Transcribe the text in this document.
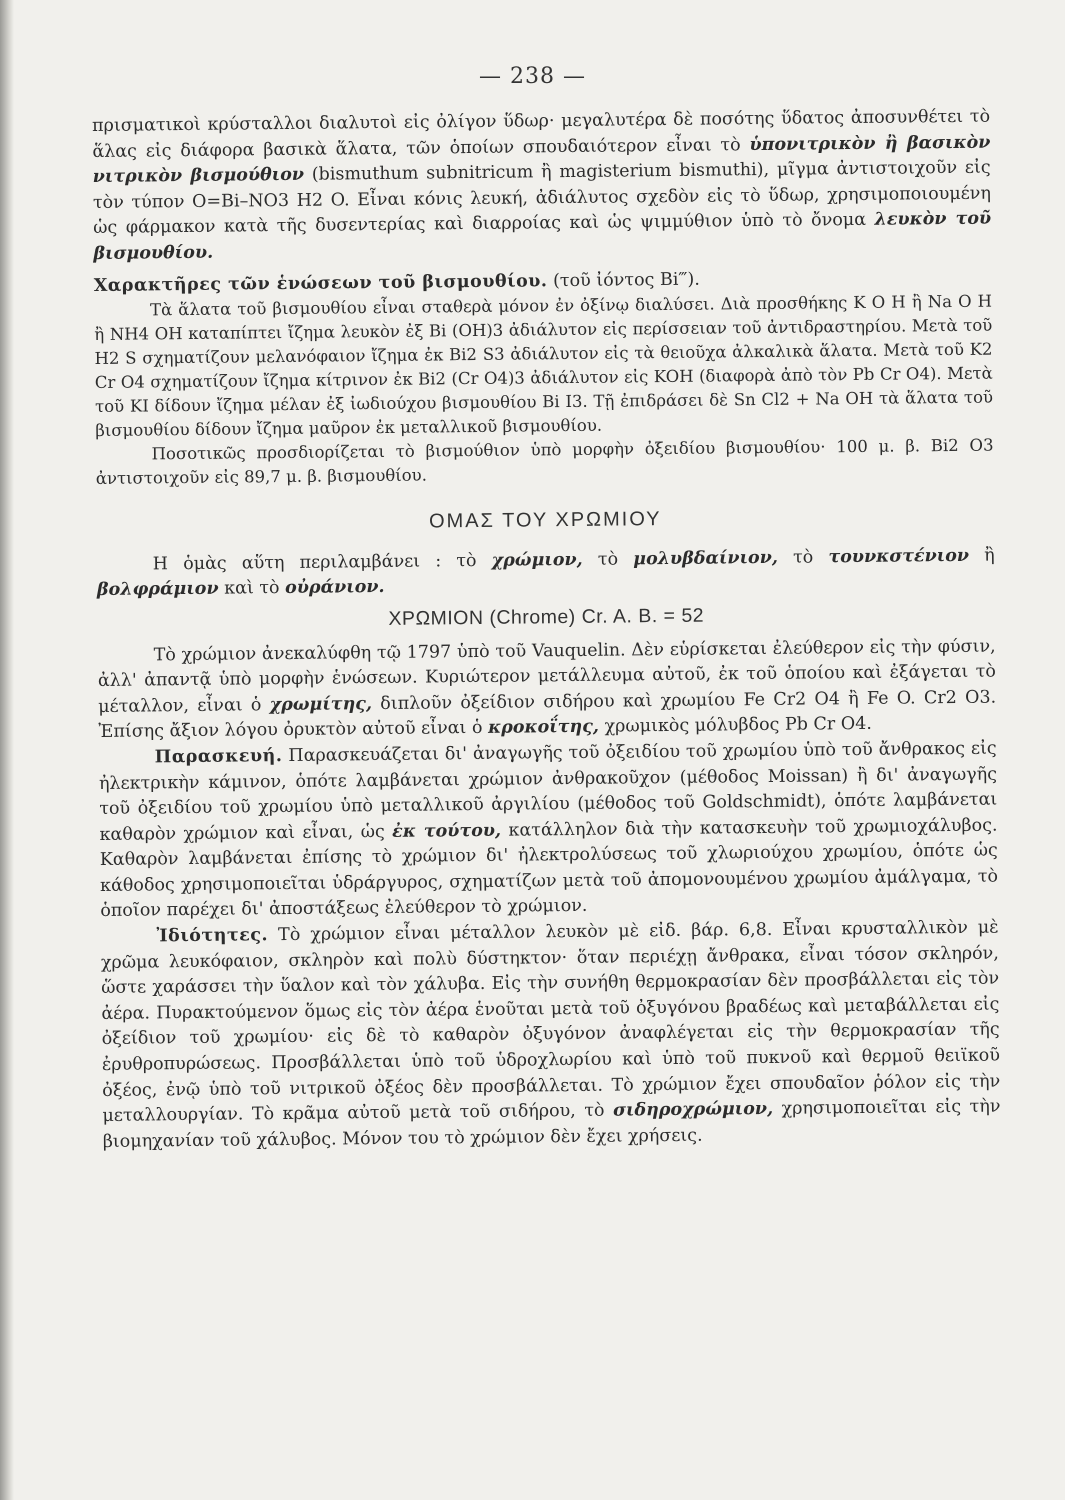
— 238 —

πρισματικοὶ κρύσταλλοι διαλυτοὶ εἰς ὀλίγον ὕδωρ· μεγαλυτέρα δὲ ποσότης ὕδατος ἀποσυνθέτει τὸ ἅλας εἰς διάφορα βασικὰ ἅλατα, τῶν ὁποίων σπουδαιότερον εἶναι τὸ ὑπονιτρικὸν ἢ βασικὸν νιτρικὸν βισμούθιον (bismuthum subnitricum ἢ magisterium bismuthi), μῖγμα ἀντιστοιχοῦν εἰς τὸν τύπον O=Bi–NO3 H2 O. Εἶναι κόνις λευκή, ἀδιάλυτος σχεδὸν εἰς τὸ ὕδωρ, χρησιμοποιουμένη ὡς φάρμακον κατὰ τῆς δυσεντερίας καὶ διαρροίας καὶ ὡς ψιμμύθιον ὑπὸ τὸ ὄνομα λευκὸν τοῦ βισμουθίου.

Χαρακτῆρες τῶν ἑνώσεων τοῦ βισμουθίου. (τοῦ ἰόντος Bi‴).

Τὰ ἅλατα τοῦ βισμουθίου εἶναι σταθερὰ μόνον ἐν ὀξίνῳ διαλύσει. Διὰ προσθήκης K O H ἢ Na O H ἢ NH4 OH καταπίπτει ἴζημα λευκὸν ἐξ Bi (OH)3 ἀδιάλυτον εἰς περίσσειαν τοῦ ἀντιδραστηρίου. Μετὰ τοῦ H2 S σχηματίζουν μελανόφαιον ἴζημα ἐκ Bi2 S3 ἀδιάλυτον εἰς τὰ θειοῦχα ἀλκαλικὰ ἅλατα. Μετὰ τοῦ K2 Cr O4 σχηματίζουν ἴζημα κίτρινον ἐκ Bi2 (Cr O4)3 ἀδιάλυτον εἰς KOH (διαφορὰ ἀπὸ τὸν Pb Cr O4). Μετὰ τοῦ KI δίδουν ἴζημα μέλαν ἐξ ἰωδιούχου βισμουθίου Bi I3. Τῇ ἐπιδράσει δὲ Sn Cl2 + Na OH τὰ ἅλατα τοῦ βισμουθίου δίδουν ἴζημα μαῦρον ἐκ μεταλλικοῦ βισμουθίου.

Ποσοτικῶς προσδιορίζεται τὸ βισμούθιον ὑπὸ μορφὴν ὀξειδίου βισμουθίου· 100 μ. β. Bi2 O3 ἀντιστοιχοῦν εἰς 89,7 μ. β. βισμουθίου.

ΟΜΑΣ ΤΟΥ ΧΡΩΜΙΟΥ

Η ὁμὰς αὕτη περιλαμβάνει : τὸ χρώμιον, τὸ μολυβδαίνιον, τὸ τουνκστένιον ἢ βολφράμιον καὶ τὸ οὐράνιον.

ΧΡΩΜΙΟΝ (Chrome) Cr. A. B. = 52

Τὸ χρώμιον ἀνεκαλύφθη τῷ 1797 ὑπὸ τοῦ Vauquelin. Δὲν εὑρίσκεται ἐλεύθερον εἰς τὴν φύσιν, ἀλλ' ἀπαντᾷ ὑπὸ μορφὴν ἑνώσεων. Κυριώτερον μετάλλευμα αὐτοῦ, ἐκ τοῦ ὁποίου καὶ ἐξάγεται τὸ μέταλλον, εἶναι ὁ χρωμίτης, διπλοῦν ὀξείδιον σιδήρου καὶ χρωμίου Fe Cr2 O4 ἢ Fe O. Cr2 O3. Ἐπίσης ἄξιον λόγου ὀρυκτὸν αὐτοῦ εἶναι ὁ κροκοΐτης, χρωμικὸς μόλυβδος Pb Cr O4.

Παρασκευή. Παρασκευάζεται δι' ἀναγωγῆς τοῦ ὀξειδίου τοῦ χρωμίου ὑπὸ τοῦ ἄνθρακος εἰς ἠλεκτρικὴν κάμινον, ὁπότε λαμβάνεται χρώμιον ἀνθρακοῦχον (μέθοδος Moissan) ἢ δι' ἀναγωγῆς τοῦ ὀξειδίου τοῦ χρωμίου ὑπὸ μεταλλικοῦ ἀργιλίου (μέθοδος τοῦ Goldschmidt), ὁπότε λαμβάνεται καθαρὸν χρώμιον καὶ εἶναι, ὡς ἐκ τούτου, κατάλληλον διὰ τὴν κατασκευὴν τοῦ χρωμιοχάλυβος. Καθαρὸν λαμβάνεται ἐπίσης τὸ χρώμιον δι' ἠλεκτρολύσεως τοῦ χλωριούχου χρωμίου, ὁπότε ὡς κάθοδος χρησιμοποιεῖται ὑδράργυρος, σχηματίζων μετὰ τοῦ ἀπομονουμένου χρωμίου ἀμάλγαμα, τὸ ὁποῖον παρέχει δι' ἀποστάξεως ἐλεύθερον τὸ χρώμιον.

Ἰδιότητες. Τὸ χρώμιον εἶναι μέταλλον λευκὸν μὲ εἰδ. βάρ. 6,8. Εἶναι κρυσταλλικὸν μὲ χρῶμα λευκόφαιον, σκληρὸν καὶ πολὺ δύστηκτον· ὅταν περιέχῃ ἄνθρακα, εἶναι τόσον σκληρόν, ὥστε χαράσσει τὴν ὕαλον καὶ τὸν χάλυβα. Εἰς τὴν συνήθη θερμοκρασίαν δὲν προσβάλλεται εἰς τὸν ἀέρα. Πυρακτούμενον ὅμως εἰς τὸν ἀέρα ἑνοῦται μετὰ τοῦ ὀξυγόνου βραδέως καὶ μεταβάλλεται εἰς ὀξείδιον τοῦ χρωμίου· εἰς δὲ τὸ καθαρὸν ὀξυγόνον ἀναφλέγεται εἰς τὴν θερμοκρασίαν τῆς ἐρυθροπυρώσεως. Προσβάλλεται ὑπὸ τοῦ ὑδροχλωρίου καὶ ὑπὸ τοῦ πυκνοῦ καὶ θερμοῦ θειϊκοῦ ὀξέος, ἐνῷ ὑπὸ τοῦ νιτρικοῦ ὀξέος δὲν προσβάλλεται. Τὸ χρώμιον ἔχει σπουδαῖον ῥόλον εἰς τὴν μεταλλουργίαν. Τὸ κρᾶμα αὐτοῦ μετὰ τοῦ σιδήρου, τὸ σιδηροχρώμιον, χρησιμοποιεῖται εἰς τὴν βιομηχανίαν τοῦ χάλυβος. Μόνον του τὸ χρώμιον δὲν ἔχει χρήσεις.
